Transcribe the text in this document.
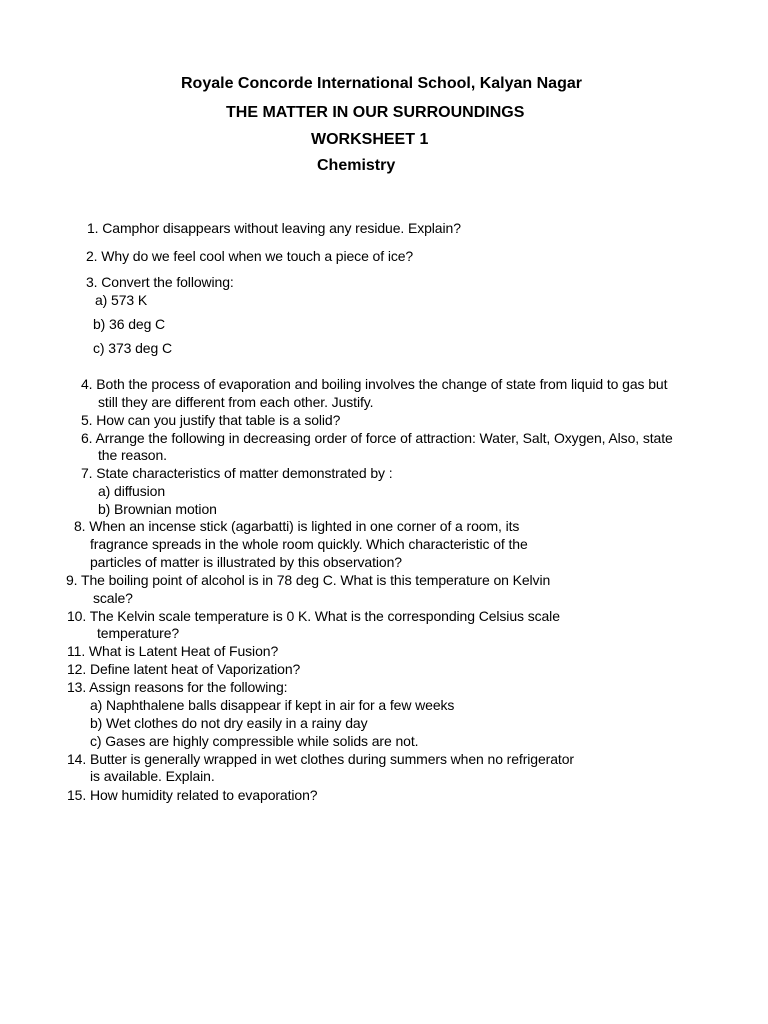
Royale Concorde International School, Kalyan Nagar
THE MATTER IN OUR SURROUNDINGS
WORKSHEET 1
Chemistry
1. Camphor disappears without leaving any residue. Explain?
2. Why do we feel cool when we touch a piece of ice?
3. Convert the following:
a) 573 K
b) 36 deg C
c) 373 deg C
4. Both the process of evaporation and boiling involves the change of state from liquid to gas but
still they are different from each other. Justify.
5. How can you justify that table is a solid?
6. Arrange the following in decreasing order of force of attraction: Water, Salt, Oxygen, Also, state
the reason.
7. State characteristics of matter demonstrated by :
a) diffusion
b) Brownian motion
8. When an incense stick (agarbatti) is lighted in one corner of a room, its
fragrance spreads in the whole room quickly. Which characteristic of the
particles of matter is illustrated by this observation?
9. The boiling point of alcohol is in 78 deg C. What is this temperature on Kelvin
scale?
10. The Kelvin scale temperature is 0 K. What is the corresponding Celsius scale
temperature?
11. What is Latent Heat of Fusion?
12. Define latent heat of Vaporization?
13. Assign reasons for the following:
a) Naphthalene balls disappear if kept in air for a few weeks
b) Wet clothes do not dry easily in a rainy day
c) Gases are highly compressible while solids are not.
14. Butter is generally wrapped in wet clothes during summers when no refrigerator
is available. Explain.
15. How humidity related to evaporation?
